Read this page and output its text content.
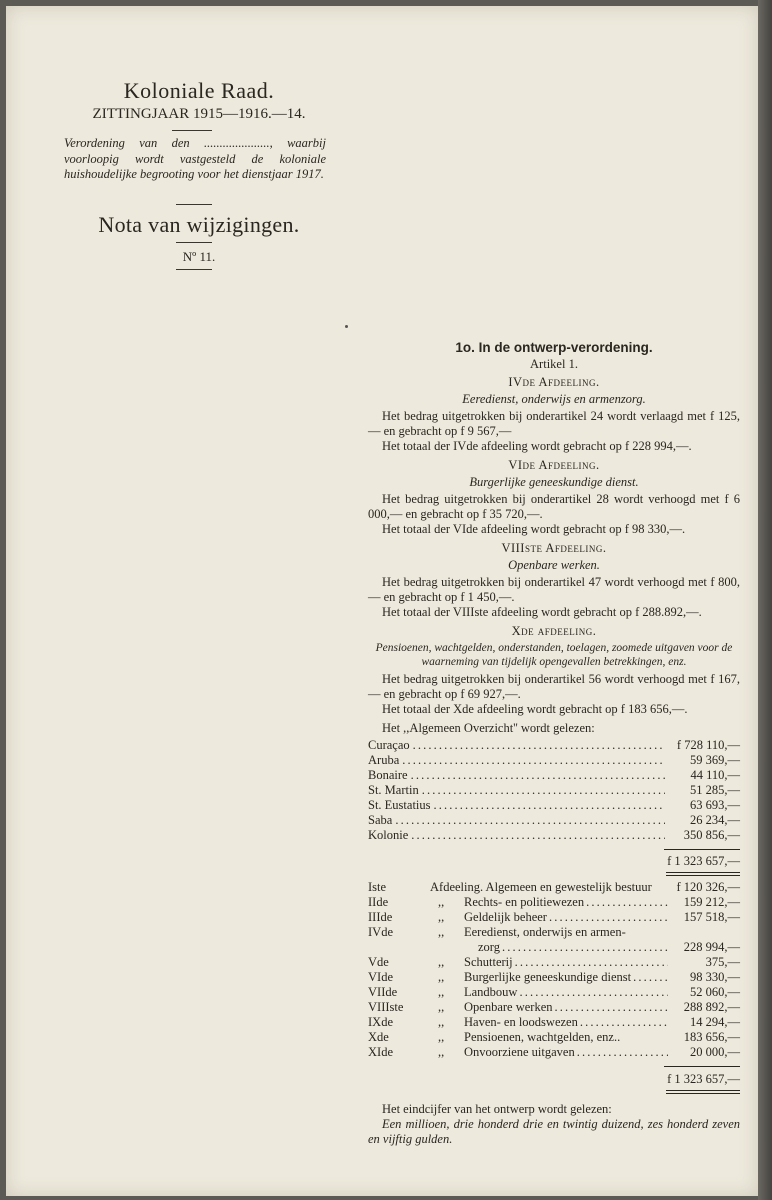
Koloniale Raad.
ZITTINGJAAR 1915—1916.—14.
Verordening van den ....................., waarbij voorloopig wordt vastgesteld de koloniale huishoudelijke begrooting voor het dienstjaar 1917.
Nota van wijzigingen.
Nº 11.
1o. In de ontwerp-verordening.
Artikel 1.
IVde Afdeeling.
Eeredienst, onderwijs en armenzorg.
Het bedrag uitgetrokken bij onderartikel 24 wordt verlaagd met f 125,— en gebracht op f 9 567,—
Het totaal der IVde afdeeling wordt gebracht op f 228 994,—.
VIde Afdeeling.
Burgerlijke geneeskundige dienst.
Het bedrag uitgetrokken bij onderartikel 28 wordt verhoogd met f 6 000,— en gebracht op f 35 720,—.
Het totaal der VIde afdeeling wordt gebracht op f 98 330,—.
VIIIste Afdeeling.
Openbare werken.
Het bedrag uitgetrokken bij onderartikel 47 wordt verhoogd met f 800,— en gebracht op f 1 450,—.
Het totaal der VIIIste afdeeling wordt gebracht op f 288.892,—.
Xde afdeeling.
Pensioenen, wachtgelden, onderstanden, toelagen, zoomede uitgaven voor de waarneming van tijdelijk opengevallen betrekkingen, enz.
Het bedrag uitgetrokken bij onderartikel 56 wordt verhoogd met f 167,— en gebracht op f 69 927,—.
Het totaal der Xde afdeeling wordt gebracht op f 183 656,—.
Het ,,Algemeen Overzicht'' wordt gelezen:
Curaçao . . .	f 728 110,—
Aruba . . .	59 369,—
Bonaire . . .	44 110,—
St. Martin . . .	51 285,—
St. Eustatius . . .	63 693,—
Saba . . .	26 234,—
Kolonie . . .	350 856,—
f 1 323 657,—
Iste	Afdeeling. Algemeen en gewestelijk bestuur	f 120 326,—
IIde	,,	Rechts- en politiewezen . . .	159 212,—
IIIde	,,	Geldelijk beheer . . .	157 518,—
IVde	,,	Eeredienst, onderwijs en armen-
zorg . . .	228 994,—
Vde	,,	Schutterij . . .	375,—
VIde	,,	Burgerlijke geneeskundige dienst . . .	98 330,—
VIIde	,,	Landbouw . . .	52 060,—
VIIIste	,,	Openbare werken . . .	288 892,—
IXde	,,	Haven- en loodswezen . . .	14 294,—
Xde	,,	Pensioenen, wachtgelden, enz..	183 656,—
XIde	,,	Onvoorziene uitgaven . . .	20 000,—
f 1 323 657,—
Het eindcijfer van het ontwerp wordt gelezen:
Een millioen, drie honderd drie en twintig duizend, zes honderd zeven en vijftig gulden.
